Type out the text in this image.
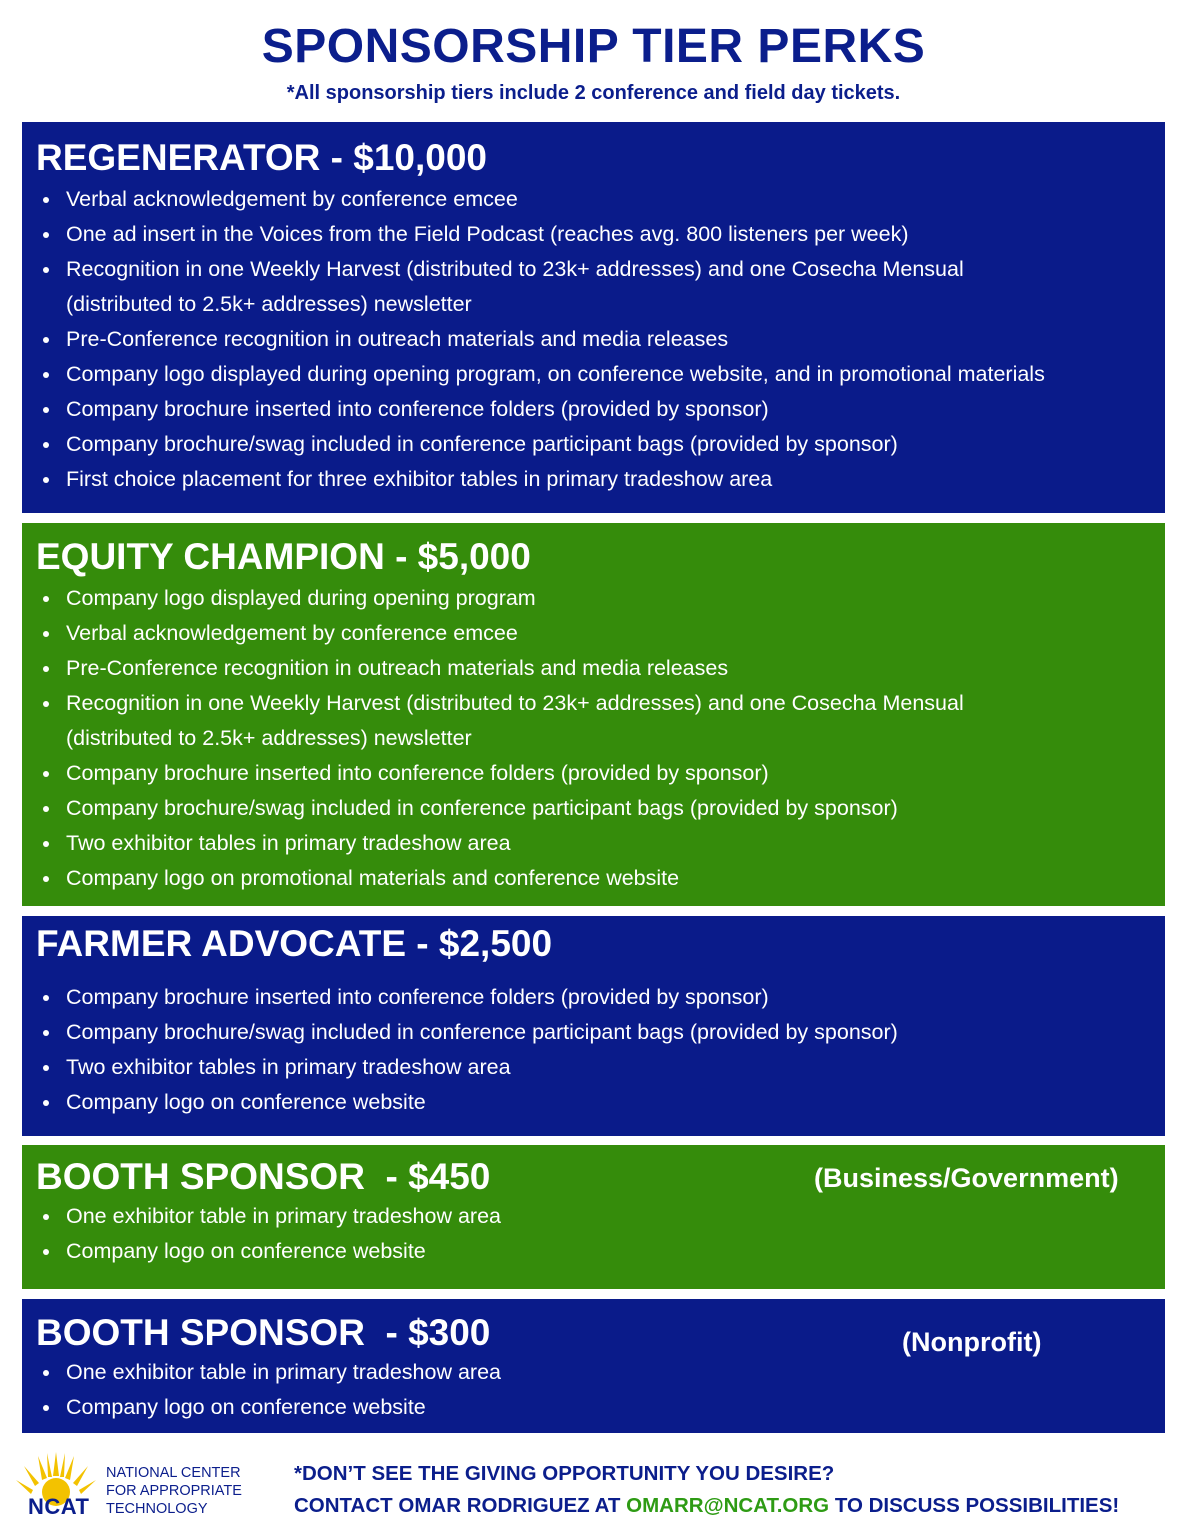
SPONSORSHIP TIER PERKS

*All sponsorship tiers include 2 conference and field day tickets.

REGENERATOR - $10,000
Verbal acknowledgement by conference emcee
One ad insert in the Voices from the Field Podcast (reaches avg. 800 listeners per week)
Recognition in one Weekly Harvest (distributed to 23k+ addresses) and one Cosecha Mensual (distributed to 2.5k+ addresses) newsletter
Pre-Conference recognition in outreach materials and media releases
Company logo displayed during opening program, on conference website, and in promotional materials
Company brochure inserted into conference folders (provided by sponsor)
Company brochure/swag included in conference participant bags (provided by sponsor)
First choice placement for three exhibitor tables in primary tradeshow area
EQUITY CHAMPION - $5,000
Company logo displayed during opening program
Verbal acknowledgement by conference emcee
Pre-Conference recognition in outreach materials and media releases
Recognition in one Weekly Harvest (distributed to 23k+ addresses) and one Cosecha Mensual (distributed to 2.5k+ addresses) newsletter
Company brochure inserted into conference folders (provided by sponsor)
Company brochure/swag included in conference participant bags (provided by sponsor)
Two exhibitor tables in primary tradeshow area
Company logo on promotional materials and conference website
FARMER ADVOCATE - $2,500
Company brochure inserted into conference folders (provided by sponsor)
Company brochure/swag included in conference participant bags (provided by sponsor)
Two exhibitor tables in primary tradeshow area
Company logo on conference website
BOOTH SPONSOR  - $450	(Business/Government)
One exhibitor table in primary tradeshow area
Company logo on conference website
BOOTH SPONSOR  - $300	(Nonprofit)
One exhibitor table in primary tradeshow area
Company logo on conference website
NCAT
NATIONAL CENTER
FOR APPROPRIATE
TECHNOLOGY
*DON’T SEE THE GIVING OPPORTUNITY YOU DESIRE?
CONTACT OMAR RODRIGUEZ AT OMARR@NCAT.ORG TO DISCUSS POSSIBILITIES!
